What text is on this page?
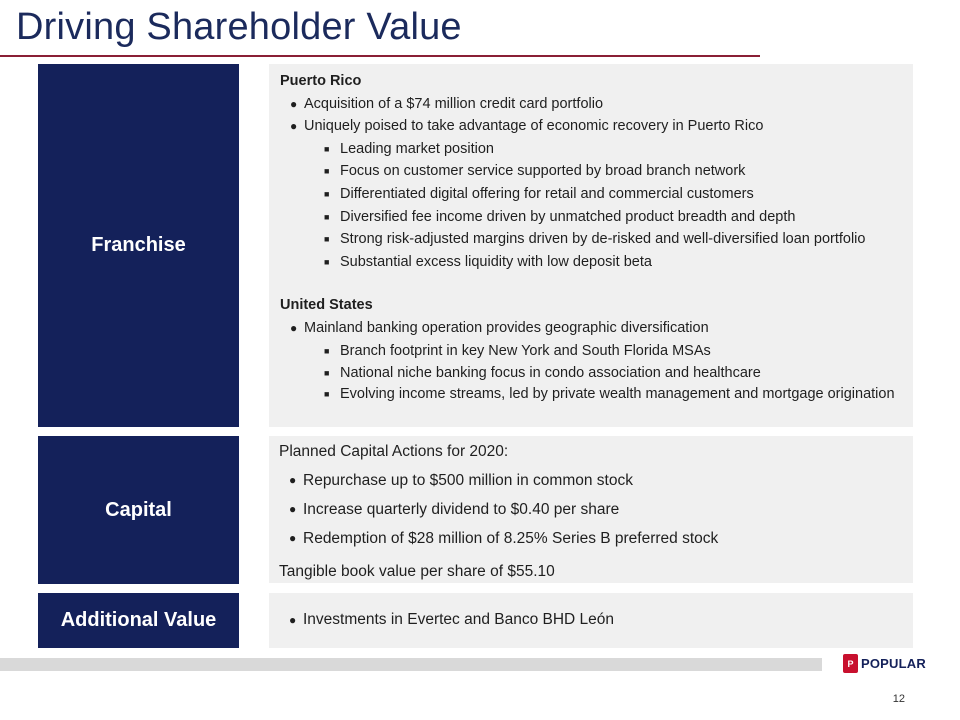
Driving Shareholder Value
Franchise
Puerto Rico
● Acquisition of a $74 million credit card portfolio
● Uniquely poised to take advantage of economic recovery in Puerto Rico
■ Leading market position
■ Focus on customer service supported by broad branch network
■ Differentiated digital offering for retail and commercial customers
■ Diversified fee income driven by unmatched product breadth and depth
■ Strong risk-adjusted margins driven by de-risked and well-diversified loan portfolio
■ Substantial excess liquidity with low deposit beta
United States
● Mainland banking operation provides geographic diversification
■ Branch footprint in key New York and South Florida MSAs
■ National niche banking focus in condo association and healthcare
■ Evolving income streams, led by private wealth management and mortgage origination
Capital
Planned Capital Actions for 2020:
● Repurchase up to $500 million in common stock
● Increase quarterly dividend to $0.40 per share
● Redemption of $28 million of 8.25% Series B preferred stock
Tangible book value per share of $55.10
Additional Value	● Investments in Evertec and Banco BHD León
P POPULAR
12
